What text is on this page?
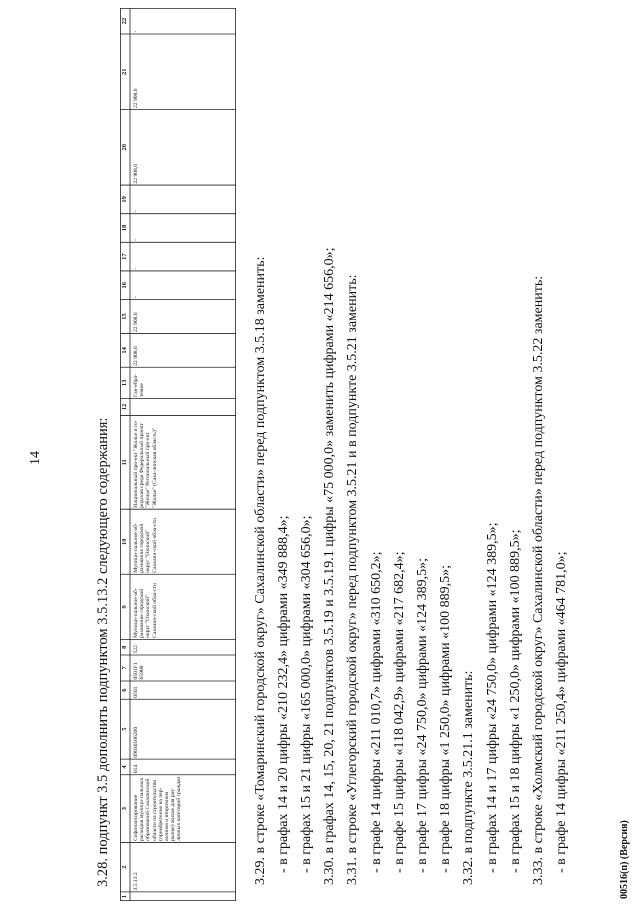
14	3.28. подпункт 3.5 дополнить подпунктом 3.5.13.2 следующего содержания:
1
2
3
4
5
6
7
8
9
10
11
12
13
14
15
16
17
18
19
20
21
22
3.5.13.2
Софинансирование расходов муници-пальных образований Сахалинской области на строительство (приобретение на пер-вичном и вторичном рынке) жилья для раз-личных категорий граждан
014
09030106200
0501
0501F1 65900
522
Муници-пальное об-разование городской округ "Охинский" Сахалин-ской обла-сти
Муници-пальное об-разование городской округ "Охинский" Сахалин-ской обла-сти
Национальный про-ект "Жилье и го-родская среда Федеральный проект "Жилье" Региональный про-ект "Жилье" (Саха-линская область)"
Ган-ебра-темие
22 908,6
22 908,6
-
-
-
-
22 908,6
22 908,6
-
3.29. в строке «Томаринский городской округ» Сахалинской области» перед подпунктом 3.5.18 заменить: - в графах 14 и 20 цифры «210 232,4» цифрами «349 888,4»; - в графах 15 и 21 цифры «165 000,0» цифрами «304 656,0»; 3.30. в графах 14, 15, 20, 21 подпунктов 3.5.19 и 3.5.19.1 цифры «75 000,0» заменить цифрами «214 656,0»; 3.31. в строке «Углегорский городской округ» перед подпунктом 3.5.21 и в подпункте 3.5.21 заменить: - в графе 14 цифры «211 010,7» цифрами «310 650,2»; - в графе 15 цифры «118 042,9» цифрами «217 682,4»; - в графе 17 цифры «24 750,0» цифрами «124 389,5»; - в графе 18 цифры «1 250,0» цифрами «100 889,5»; 3.32. в подпункте 3.5.21.1 заменить: - в графах 14 и 17 цифры «24 750,0» цифрами «124 389,5»; - в графах 15 и 18 цифры «1 250,0» цифрами «100 889,5»; 3.33. в строке «Холмский городской округ» Сахалинской области» перед подпунктом 3.5.22 заменить: - в графе 14 цифры «211 250,4» цифрами «464 781,0»;	00516(п) (Версия)
